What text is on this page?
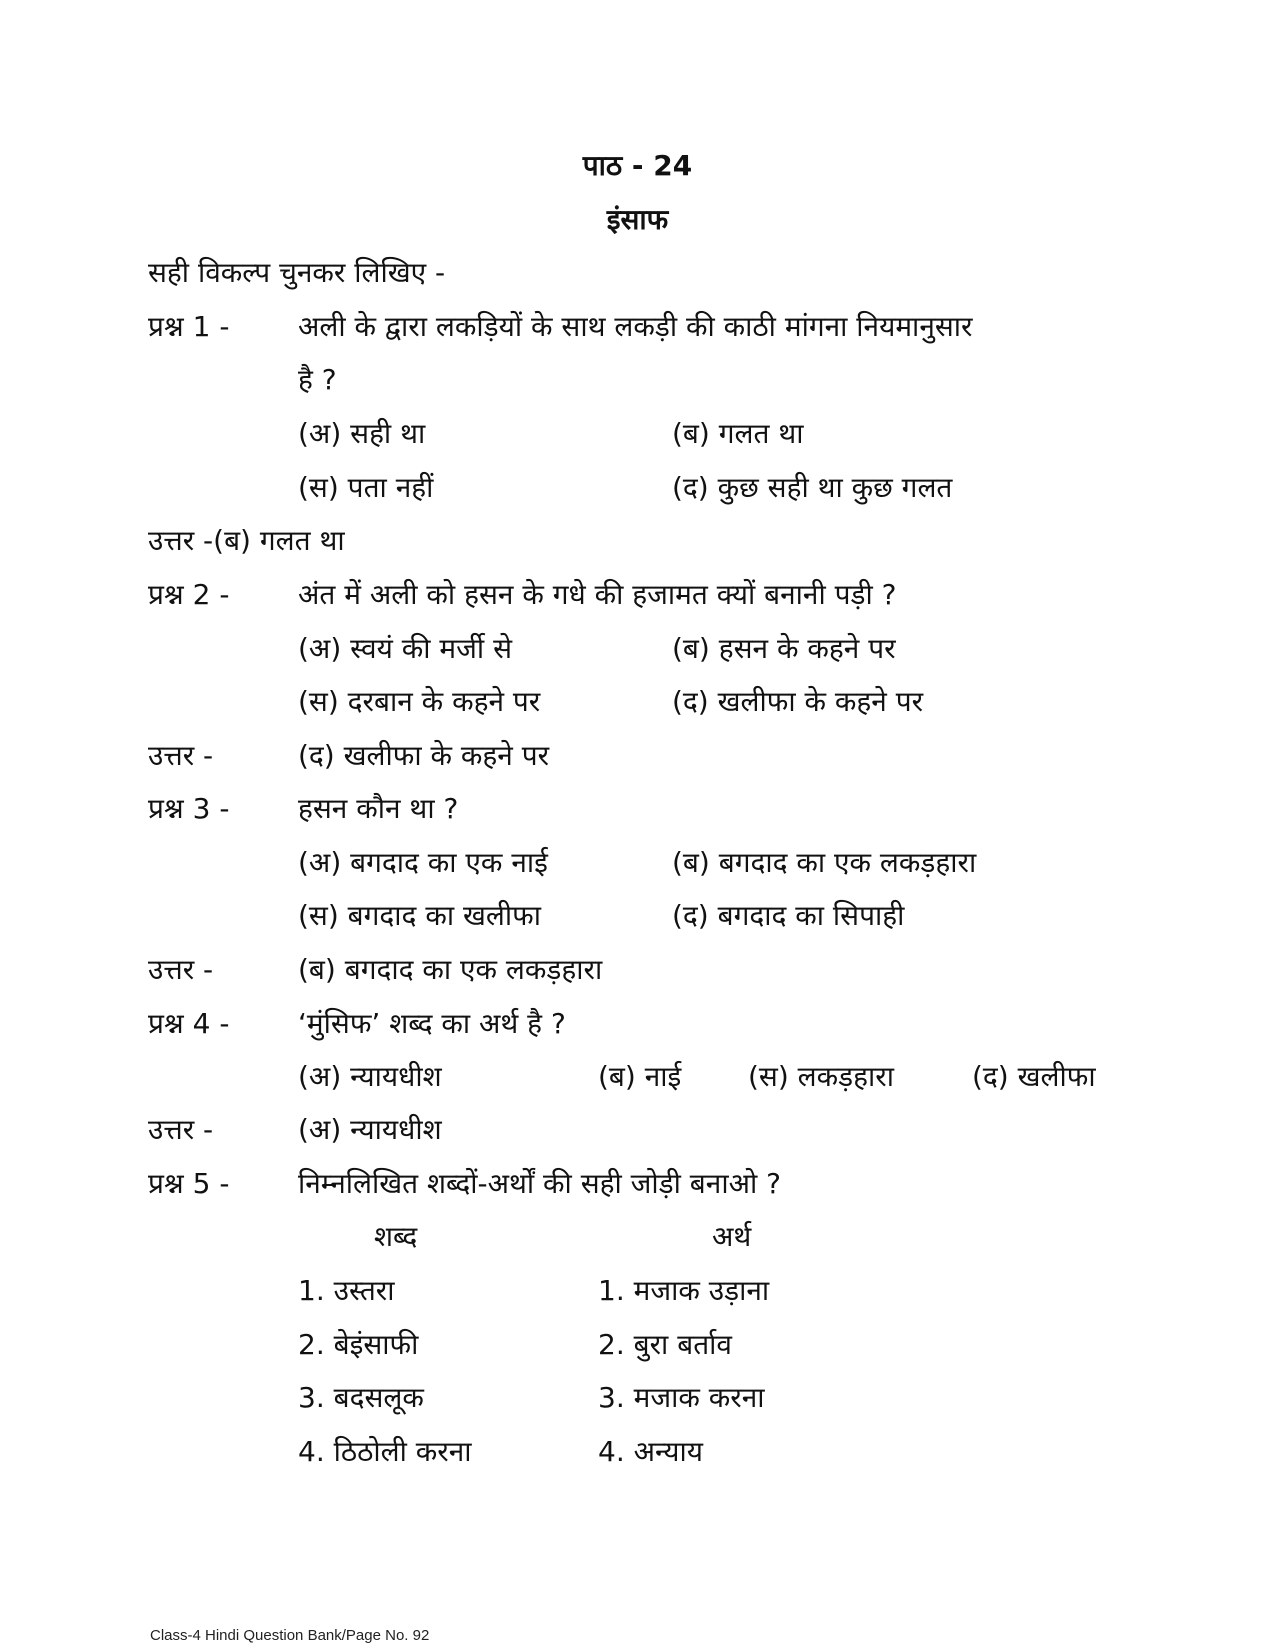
पाठ - 24
इंसाफ
सही विकल्प चुनकर लिखिए -
प्रश्न 1 - अली के द्वारा लकड़ियों के साथ लकड़ी की काठी मांगना नियमानुसार
है ?
(अ) सही था	(ब) गलत था
(स) पता नहीं	(द) कुछ सही था कुछ गलत
उत्तर -(ब) गलत था
प्रश्न 2 - अंत में अली को हसन के गधे की हजामत क्यों बनानी पड़ी ?
(अ) स्वयं की मर्जी से	(ब) हसन के कहने पर
(स) दरबान के कहने पर	(द) खलीफा के कहने पर
उत्तर -	(द) खलीफा के कहने पर
प्रश्न 3 - हसन कौन था ?
(अ) बगदाद का एक नाई	(ब) बगदाद का एक लकड़हारा
(स) बगदाद का खलीफा	(द) बगदाद का सिपाही
उत्तर -	(ब) बगदाद का एक लकड़हारा
प्रश्न 4 - ‘मुंसिफ’ शब्द का अर्थ है ?
(अ) न्यायधीश	(ब) नाई (स) लकड़हारा	(द) खलीफा
उत्तर -	(अ) न्यायधीश
प्रश्न 5 - निम्नलिखित शब्दों-अर्थों की सही जोड़ी बनाओ ?
शब्द	अर्थ
1. उस्तरा	1. मजाक उड़ाना
2. बेइंसाफी	2. बुरा बर्ताव
3. बदसलूक	3. मजाक करना
4. ठिठोली करना	4. अन्याय
Class-4 Hindi Question Bank/Page No. 92
